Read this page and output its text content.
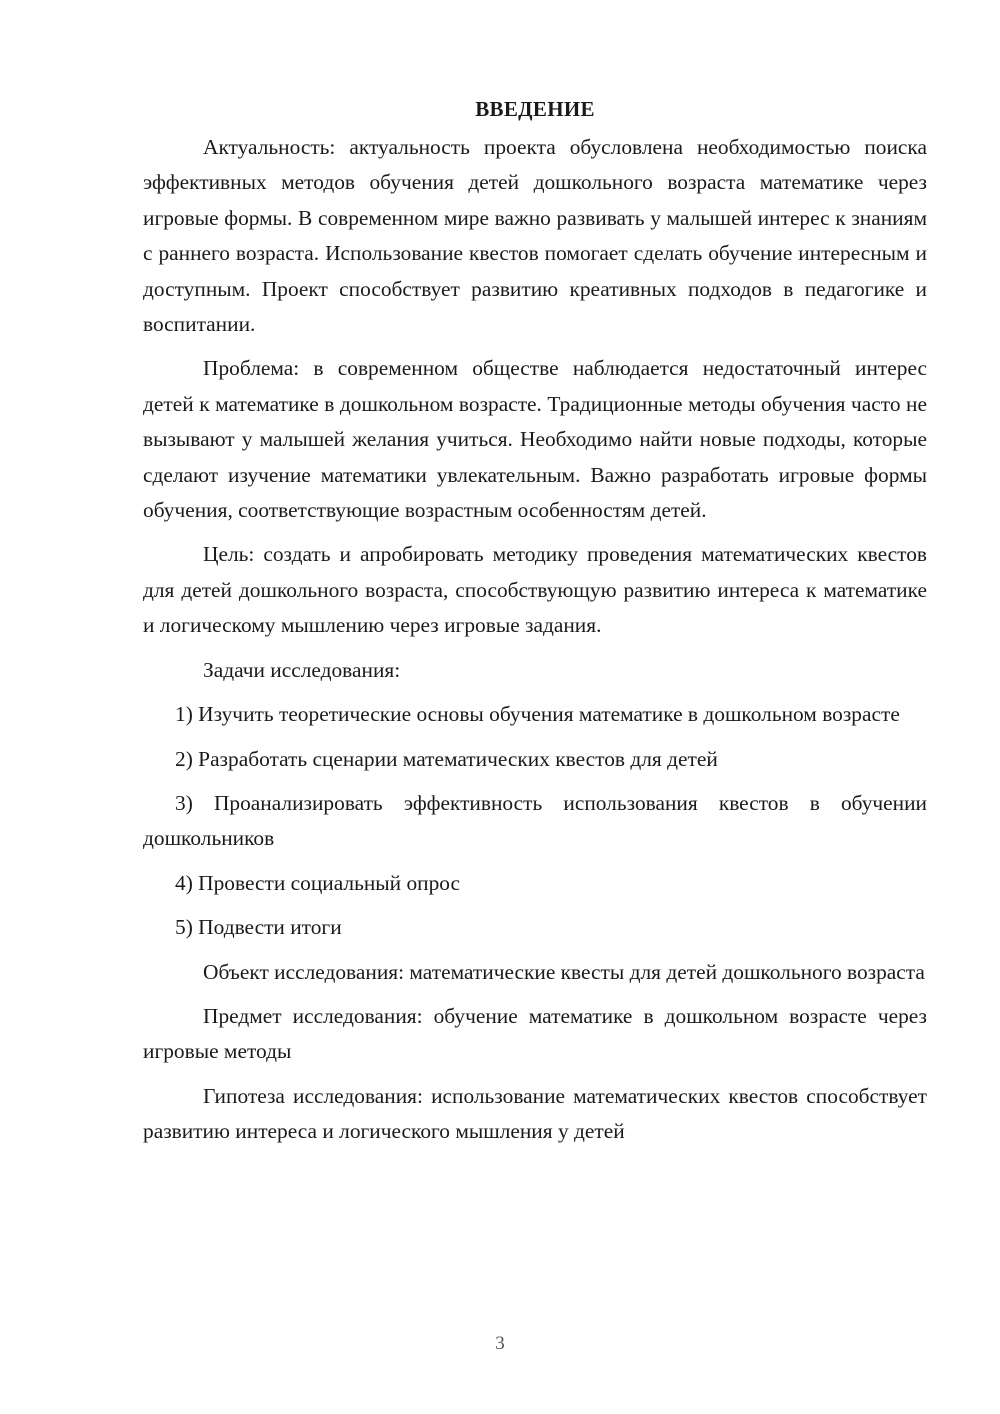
ВВЕДЕНИЕ

Актуальность: актуальность проекта обусловлена необходимостью поиска эффективных методов обучения детей дошкольного возраста математике через игровые формы. В современном мире важно развивать у малышей интерес к знаниям с раннего возраста. Использование квестов помогает сделать обучение интересным и доступным. Проект способствует развитию креативных подходов в педагогике и воспитании.

Проблема: в современном обществе наблюдается недостаточный интерес детей к математике в дошкольном возрасте. Традиционные методы обучения часто не вызывают у малышей желания учиться. Необходимо найти новые подходы, которые сделают изучение математики увлекательным. Важно разработать игровые формы обучения, соответствующие возрастным особенностям детей.

Цель: создать и апробировать методику проведения математических квестов для детей дошкольного возраста, способствующую развитию интереса к математике и логическому мышлению через игровые задания.

Задачи исследования:

1) Изучить теоретические основы обучения математике в дошкольном возрасте

2) Разработать сценарии математических квестов для детей

3) Проанализировать эффективность использования квестов в обучении дошкольников

4) Провести социальный опрос

5) Подвести итоги

Объект исследования: математические квесты для детей дошкольного возраста

Предмет исследования: обучение математике в дошкольном возрасте через игровые методы

Гипотеза исследования: использование математических квестов способствует развитию интереса и логического мышления у детей

3
